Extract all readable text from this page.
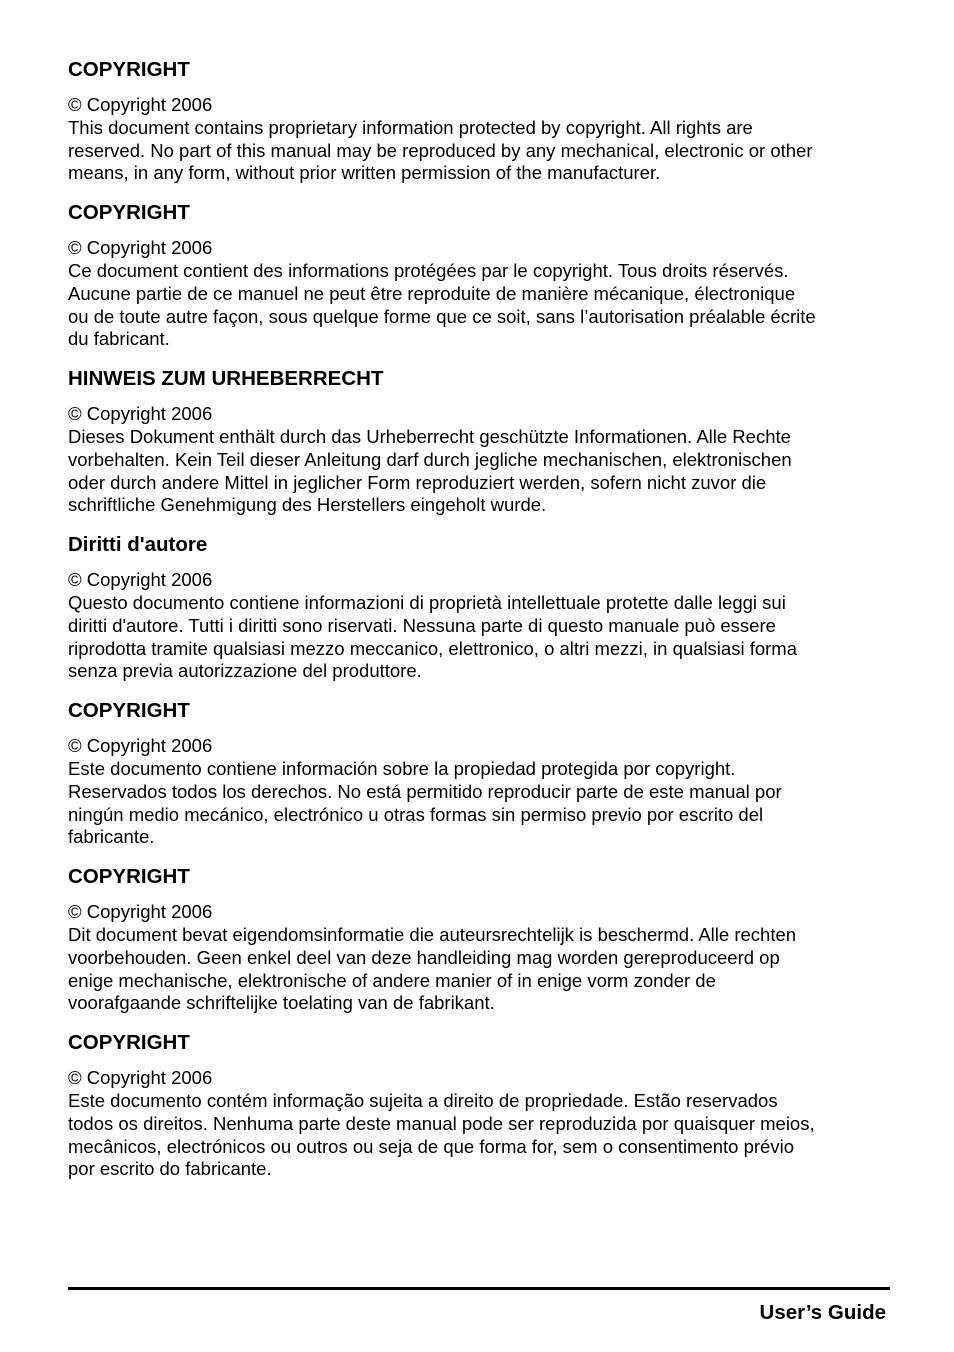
COPYRIGHT

© Copyright 2006

This document contains proprietary information protected by copyright. All rights are
reserved. No part of this manual may be reproduced by any mechanical, electronic or other
means, in any form, without prior written permission of the manufacturer.

COPYRIGHT

© Copyright 2006

Ce document contient des informations protégées par le copyright. Tous droits réservés.
Aucune partie de ce manuel ne peut être reproduite de manière mécanique, électronique
ou de toute autre façon, sous quelque forme que ce soit, sans l’autorisation préalable écrite
du fabricant.

HINWEIS ZUM URHEBERRECHT

© Copyright 2006

Dieses Dokument enthält durch das Urheberrecht geschützte Informationen. Alle Rechte
vorbehalten. Kein Teil dieser Anleitung darf durch jegliche mechanischen, elektronischen
oder durch andere Mittel in jeglicher Form reproduziert werden, sofern nicht zuvor die
schriftliche Genehmigung des Herstellers eingeholt wurde.

Diritti d'autore

© Copyright 2006

Questo documento contiene informazioni di proprietà intellettuale protette dalle leggi sui
diritti d'autore. Tutti i diritti sono riservati. Nessuna parte di questo manuale può essere
riprodotta tramite qualsiasi mezzo meccanico, elettronico, o altri mezzi, in qualsiasi forma
senza previa autorizzazione del produttore.

COPYRIGHT

© Copyright 2006

Este documento contiene información sobre la propiedad protegida por copyright.
Reservados todos los derechos. No está permitido reproducir parte de este manual por
ningún medio mecánico, electrónico u otras formas sin permiso previo por escrito del
fabricante.

COPYRIGHT

© Copyright 2006

Dit document bevat eigendomsinformatie die auteursrechtelijk is beschermd. Alle rechten
voorbehouden. Geen enkel deel van deze handleiding mag worden gereproduceerd op
enige mechanische, elektronische of andere manier of in enige vorm zonder de
voorafgaande schriftelijke toelating van de fabrikant.

COPYRIGHT

© Copyright 2006

Este documento contém informação sujeita a direito de propriedade. Estão reservados
todos os direitos. Nenhuma parte deste manual pode ser reproduzida por quaisquer meios,
mecânicos, electrónicos ou outros ou seja de que forma for, sem o consentimento prévio
por escrito do fabricante.

User’s Guide
